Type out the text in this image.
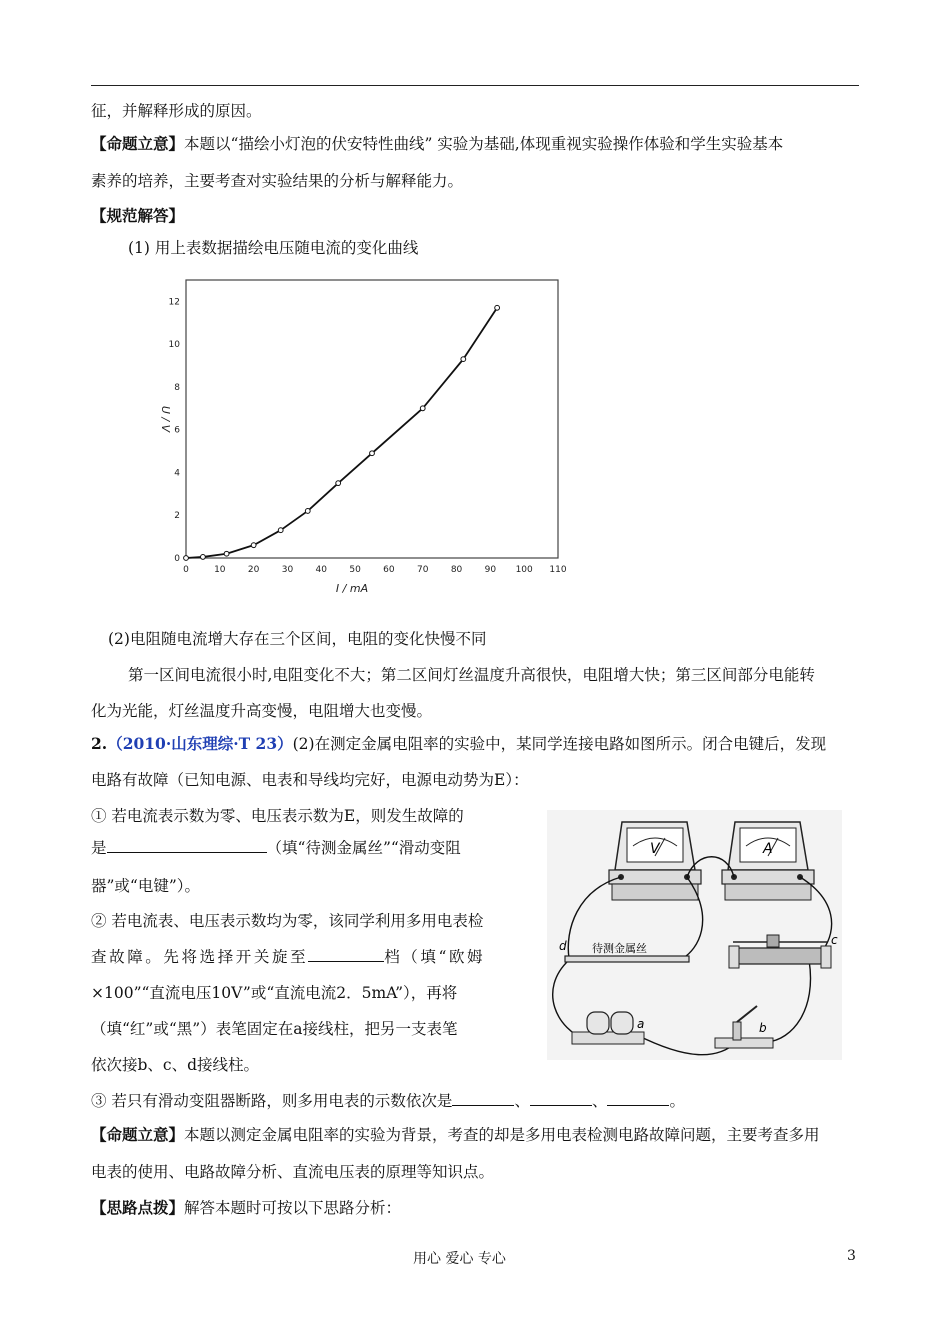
征，并解释形成的原因。
【命题立意】本题以“描绘小灯泡的伏安特性曲线” 实验为基础,体现重视实验操作体验和学生实验基本
素养的培养，主要考查对实验结果的分析与解释能力。
【规范解答】
(1) 用上表数据描绘电压随电流的变化曲线
0	10 20 30 40 50 60 70 80 90 100 110
0
2
4
6
8
10
12
I / mA
U / V
(2)电阻随电流增大存在三个区间，电阻的变化快慢不同
第一区间电流很小时,电阻变化不大；第二区间灯丝温度升高很快，电阻增大快；第三区间部分电能转
化为光能，灯丝温度升高变慢，电阻增大也变慢。
2.（2010·山东理综·T 23）(2)在测定金属电阻率的实验中，某同学连接电路如图所示。闭合电键后，发现
电路有故障（已知电源、电表和导线均完好，电源电动势为E）：
① 若电流表示数为零、电压表示数为E，则发生故障的
是	（填“待测金属丝”“滑动变阻
器”或“电键”）。
② 若电流表、电压表示数均为零，该同学利用多用电表检
查故障。先将选择开关旋至	档（填“欧姆
×100”“直流电压10V”或“直流电流2．5mA”），再将
（填“红”或“黑”）表笔固定在a接线柱，把另一支表笔
依次接b、c、d接线柱。
V	A
待测金属丝
d	c
a	b
③ 若只有滑动变阻器断路，则多用电表的示数依次是	、	、	。
【命题立意】本题以测定金属电阻率的实验为背景，考查的却是多用电表检测电路故障问题，主要考查多用
电表的使用、电路故障分析、直流电压表的原理等知识点。
【思路点拨】解答本题时可按以下思路分析：
用心 爱心 专心	3
